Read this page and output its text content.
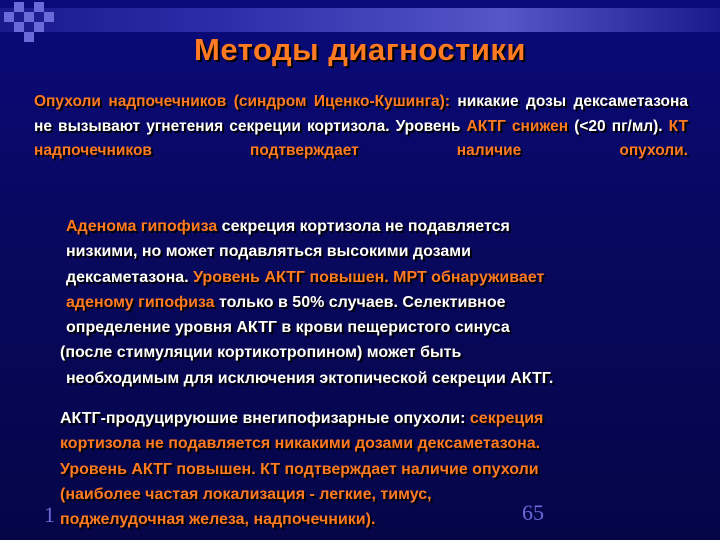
Методы диагностики
Опухоли надпочечников (синдром Иценко-Кушинга): никакие дозы дексаметазона не вызывают угнетения секреции кортизола. Уровень АКТГ снижен (<20 пг/мл). КТ надпочечников подтверждает наличие опухоли.
Аденома гипофиза секреция кортизола не подавляется
низкими, но может подавляться высокими дозами
дексаметазона. Уровень АКТГ повышен. МРТ обнаруживает
аденому гипофиза только в 50% случаев. Селективное
определение уровня АКТГ в крови пещеристого синуса
(после стимуляции кортикотропином) может быть
необходимым для исключения эктопической секреции АКТГ.
АКТГ-продуцируюшие внегипофизарные опухоли: секреция
кортизола не подавляется никакими дозами дексаметазона.
Уровень АКТГ повышен. КТ подтверждает наличие опухоли
(наиболее частая локализация - легкие, тимус,
поджелудочная железа, надпочечники).
1	65
